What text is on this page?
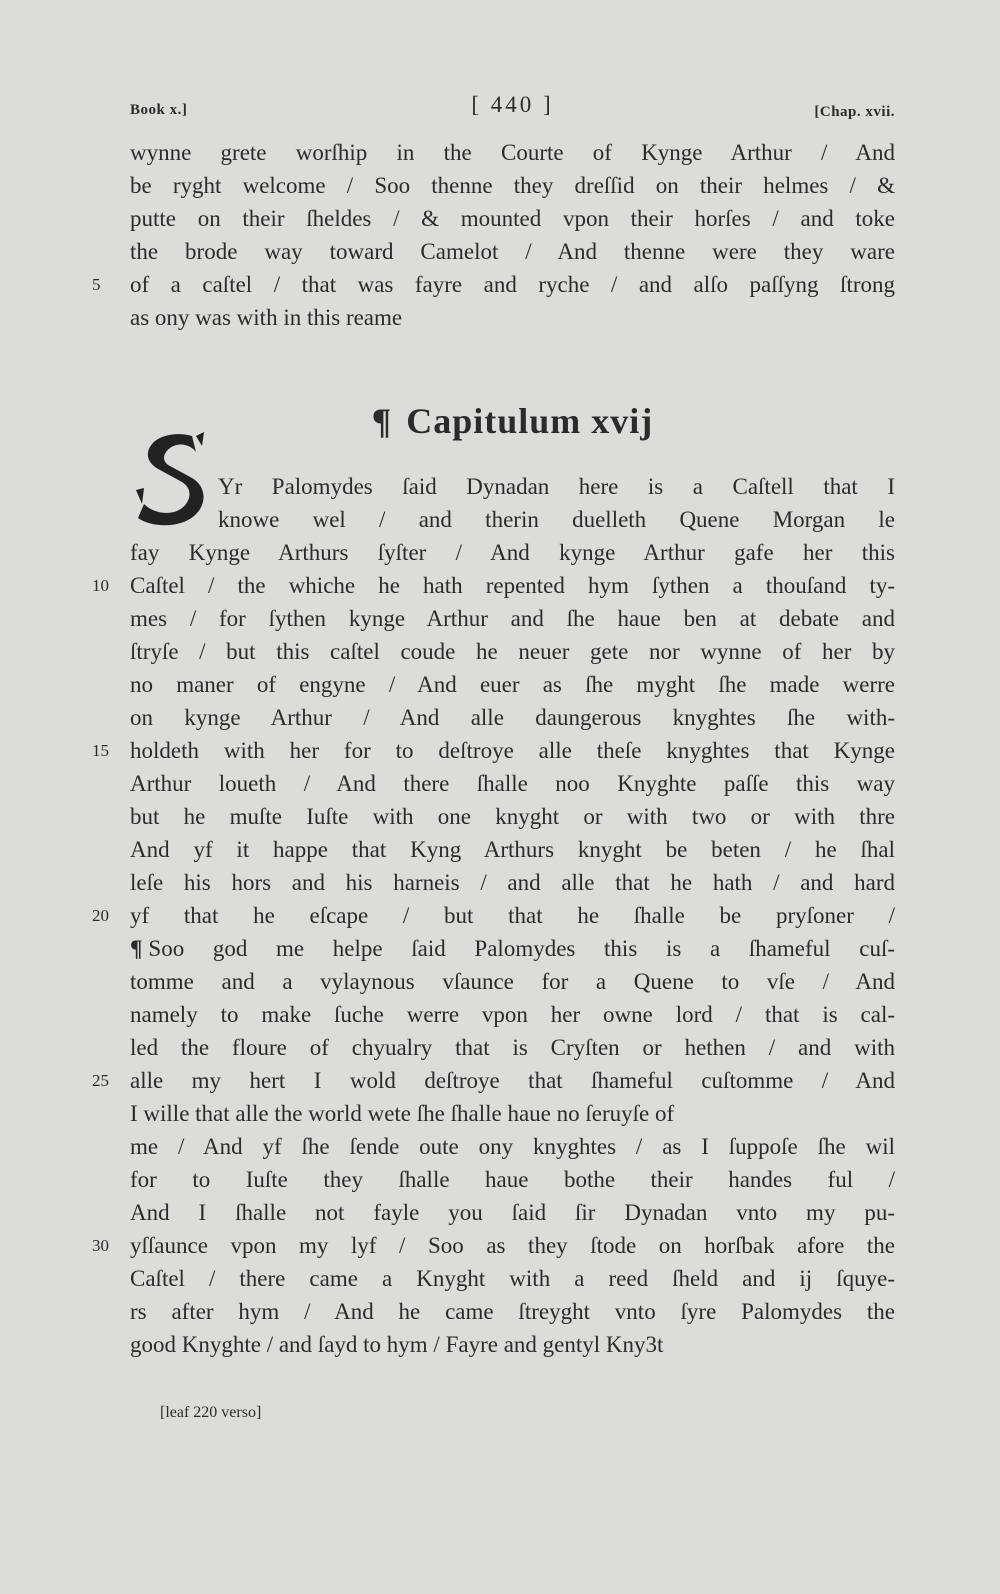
Book x.]	[ 440 ]	[Chap. xvii.
wynne grete worſhip in the Courte of Kynge Arthur / And
be ryght welcome / Soo thenne they dreſſid on their helmes / &
putte on their ſheldes / & mounted vpon their horſes / and toke
the brode way toward Camelot / And thenne were they ware
of a caſtel / that was fayre and ryche / and alſo paſſyng ſtrong
5
as ony was with in this reame
¶ Capitulum xvij
Yr Palomydes ſaid Dynadan here is a Caſtell that I
knowe wel / and therin duelleth Quene Morgan le
fay Kynge Arthurs ſyſter / And kynge Arthur gafe her this
Caſtel / the whiche he hath repented hym ſythen a thouſand ty-
10
mes / for ſythen kynge Arthur and ſhe haue ben at debate and
ſtryſe / but this caſtel coude he neuer gete nor wynne of her by
no maner of engyne / And euer as ſhe myght ſhe made werre
on kynge Arthur / And alle daungerous knyghtes ſhe with-
holdeth with her for to deſtroye alle theſe knyghtes that Kynge
15
Arthur loueth / And there ſhalle noo Knyghte paſſe this way
but he muſte Iuſte with one knyght or with two or with thre
And yf it happe that Kyng Arthurs knyght be beten / he ſhal
leſe his hors and his harneis / and alle that he hath / and hard
yf that he eſcape / but that he ſhalle be pryſoner /
20
¶ Soo god me helpe ſaid Palomydes this is a ſhameful cuſ-
tomme and a vylaynous vſaunce for a Quene to vſe / And
namely to make ſuche werre vpon her owne lord / that is cal-
led the floure of chyualry that is Cryſten or hethen / and with
alle my hert I wold deſtroye that ſhameful cuſtomme / And
25
I wille that alle the world wete ſhe ſhalle haue no ſeruyſe of
me / And yf ſhe ſende oute ony knyghtes / as I ſuppoſe ſhe wil
for to Iuſte they ſhalle haue bothe their handes ful /
And I ſhalle not fayle you ſaid ſir Dynadan vnto my pu-
yſſaunce vpon my lyf / Soo as they ſtode on horſbak afore the
30
Caſtel / there came a Knyght with a reed ſheld and ij ſquye-
rs after hym / And he came ſtreyght vnto ſyre Palomydes the
good Knyghte / and ſayd to hym / Fayre and gentyl Kny3t
[leaf 220 verso]
